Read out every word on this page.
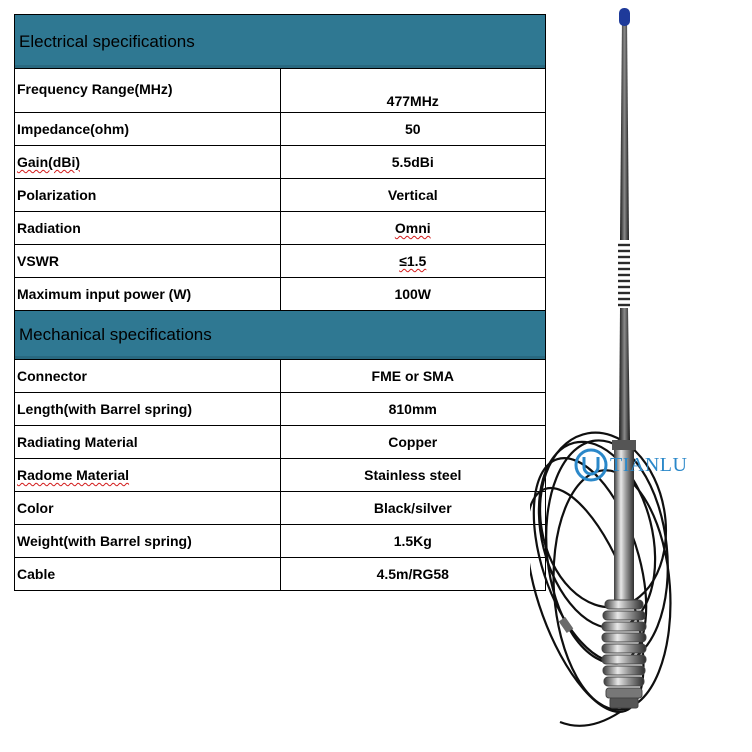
Electrical specifications	
Frequency Range(MHz)	477MHz
Impedance(ohm)	50
Gain(dBi)	5.5dBi
Polarization	Vertical
Radiation	Omni
VSWR	≤1.5
Maximum input power (W)	100W
Mechanical specifications	
Connector	FME or SMA
Length(with Barrel spring)	810mm
Radiating Material	Copper
Radome Material	Stainless steel
Color	Black/silver
Weight(with Barrel spring)	1.5Kg
Cable	4.5m/RG58
TIANLU
